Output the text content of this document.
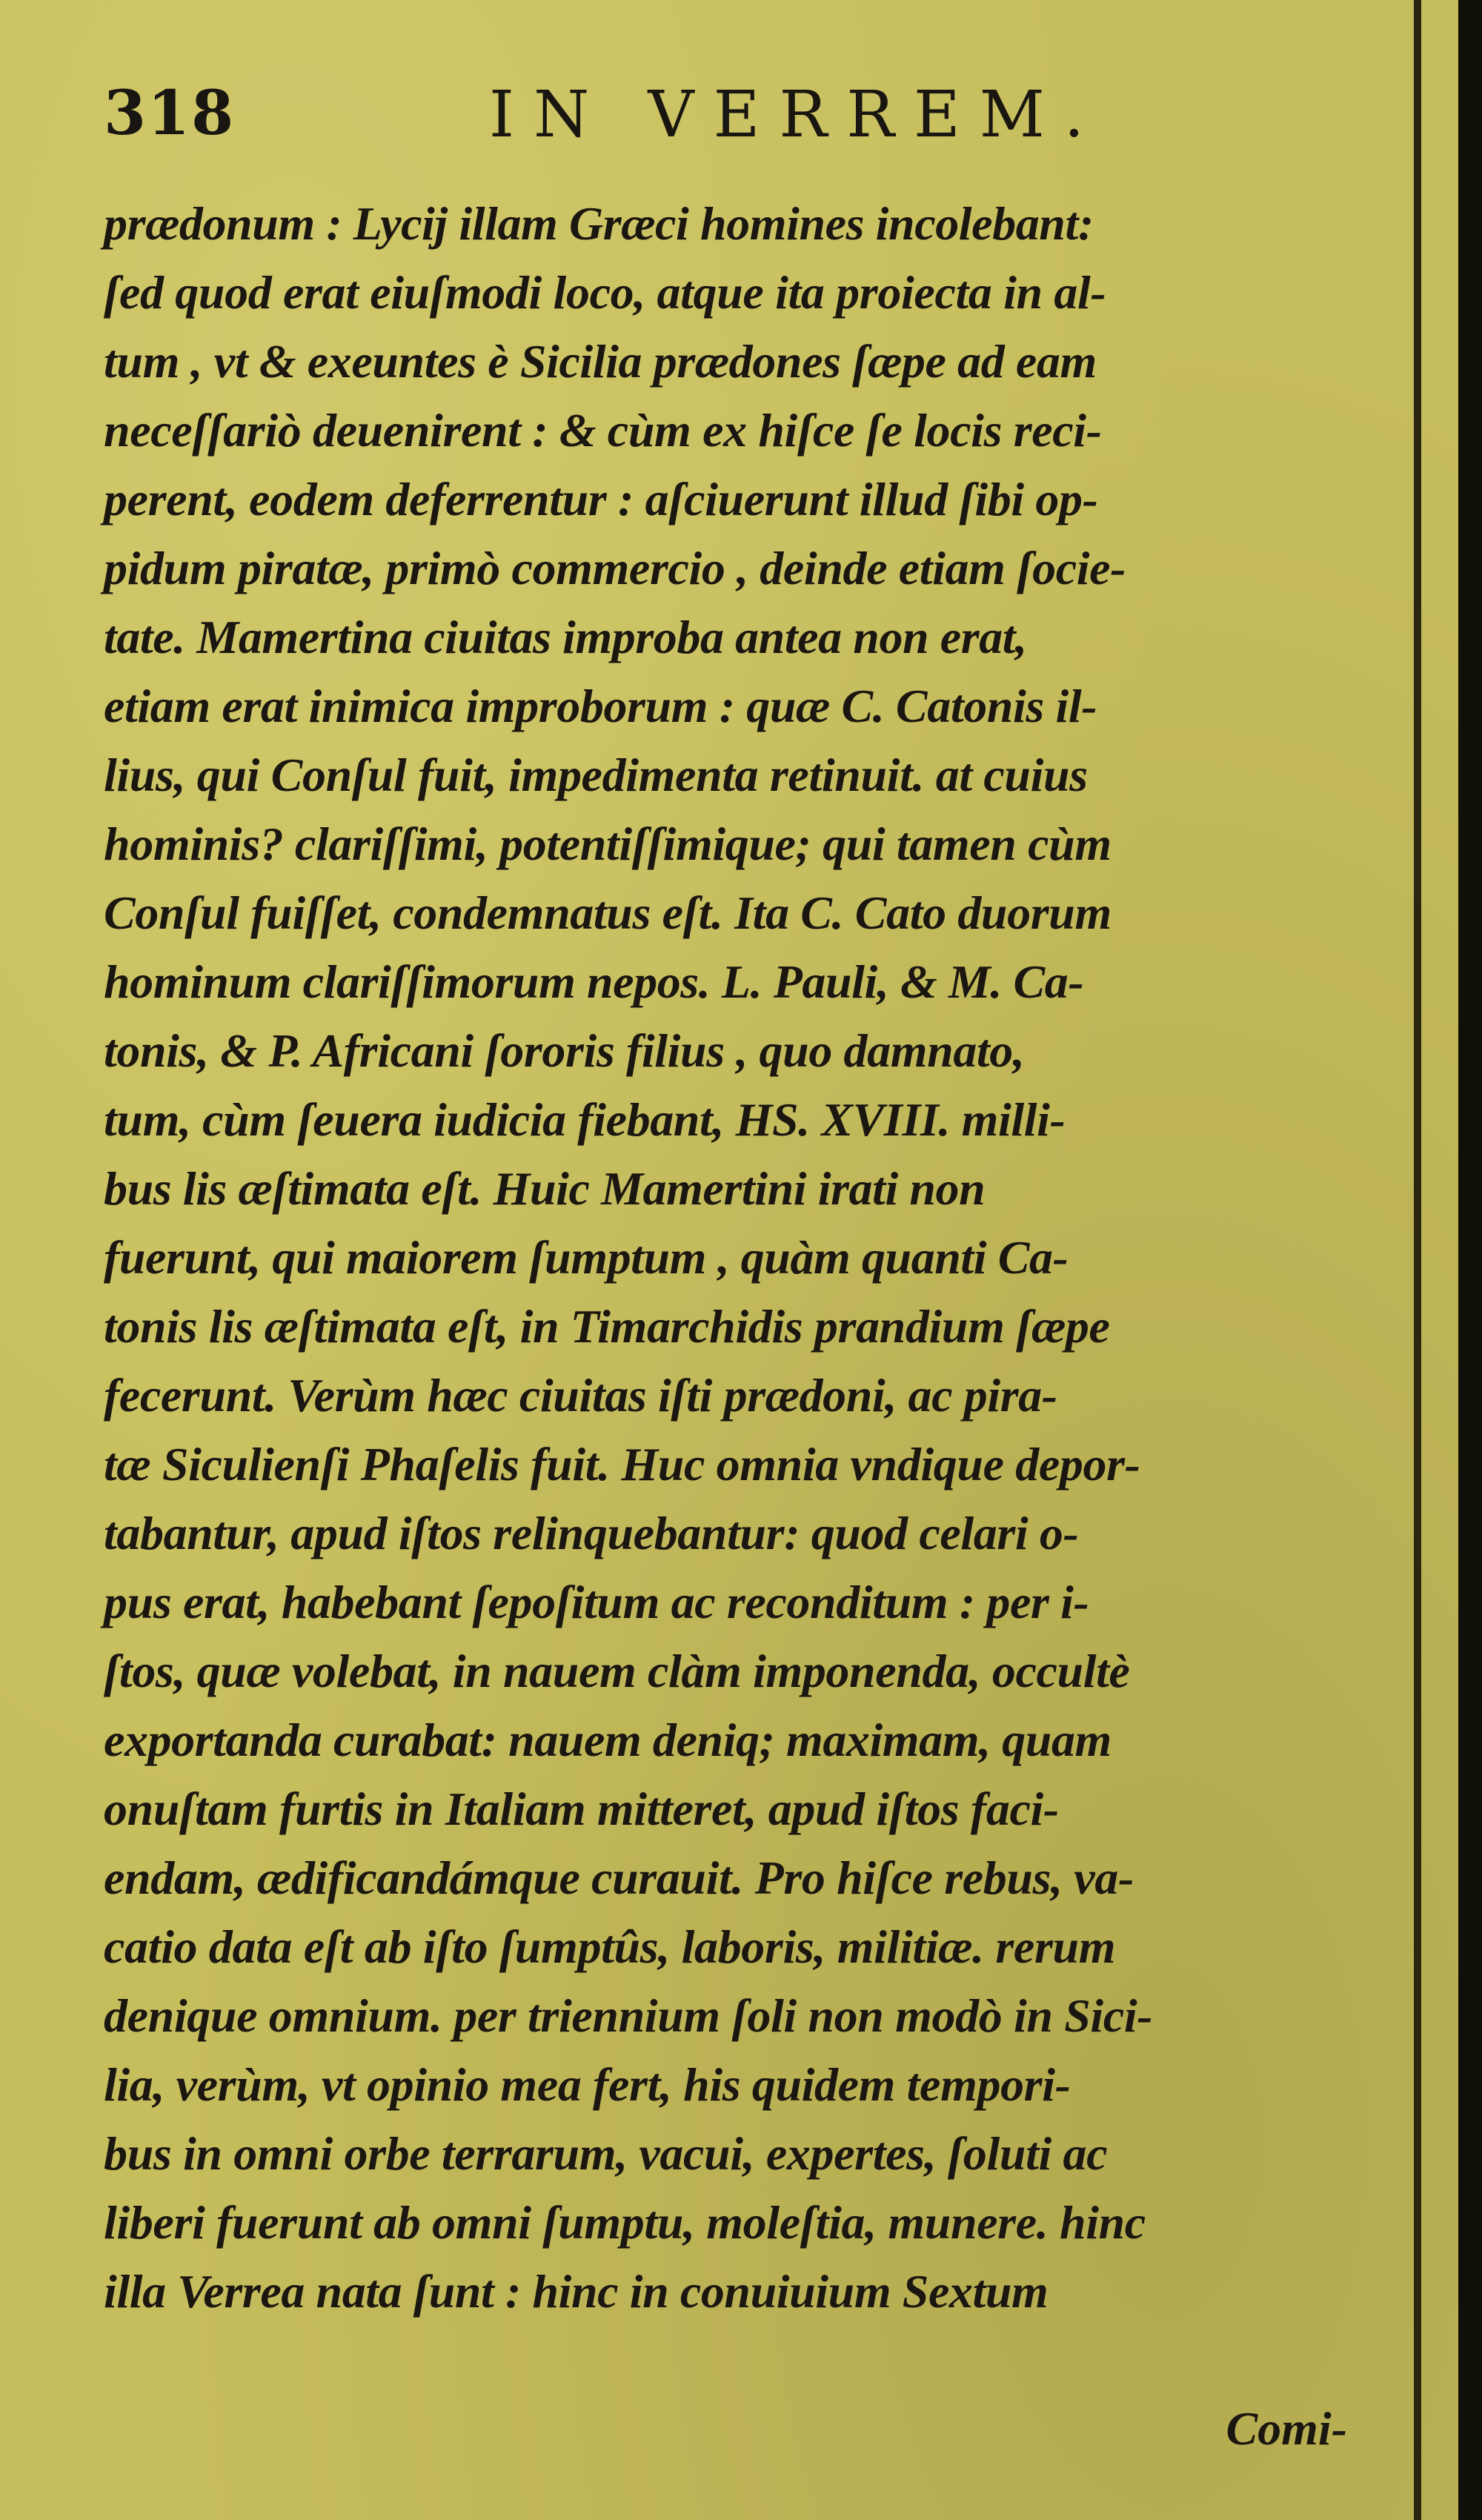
318	IN VERREM.
prædonum : Lycij illam Græci homines incolebant:
ſed quod erat eiuſmodi loco, atque ita proiecta in al-
tum , vt & exeuntes è Sicilia prædones ſæpe ad eam
neceſſariò deuenirent : & cùm ex hiſce ſe locis reci-
perent, eodem deferrentur : aſciuerunt illud ſibi op-
pidum piratæ, primò commercio , deinde etiam ſocie-
tate. Mamertina ciuitas improba antea non erat,
etiam erat inimica improborum : quæ C. Catonis il-
lius, qui Conſul fuit, impedimenta retinuit. at cuius
hominis? clariſſimi, potentiſſimique; qui tamen cùm
Conſul fuiſſet, condemnatus eſt. Ita C. Cato duorum
hominum clariſſimorum nepos. L. Pauli, & M. Ca-
tonis, & P. Africani ſororis filius , quo damnato,
tum, cùm ſeuera iudicia fiebant, HS. XVIII. milli-
bus lis æſtimata eſt. Huic Mamertini irati non
fuerunt, qui maiorem ſumptum , quàm quanti Ca-
tonis lis æſtimata eſt, in Timarchidis prandium ſæpe
fecerunt. Verùm hæc ciuitas iſti prædoni, ac pira-
tæ Siculienſi Phaſelis fuit. Huc omnia vndique depor-
tabantur, apud iſtos relinquebantur: quod celari o-
pus erat, habebant ſepoſitum ac reconditum : per i-
ſtos, quæ volebat, in nauem clàm imponenda, occultè
exportanda curabat: nauem deniq; maximam, quam
onuſtam furtis in Italiam mitteret, apud iſtos faci-
endam, ædificandámque curauit. Pro hiſce rebus, va-
catio data eſt ab iſto ſumptûs, laboris, militiæ. rerum
denique omnium. per triennium ſoli non modò in Sici-
lia, verùm, vt opinio mea fert, his quidem tempori-
bus in omni orbe terrarum, vacui, expertes, ſoluti ac
liberi fuerunt ab omni ſumptu, moleſtia, munere. hinc
illa Verrea nata ſunt : hinc in conuiuium Sextum
Comi-
